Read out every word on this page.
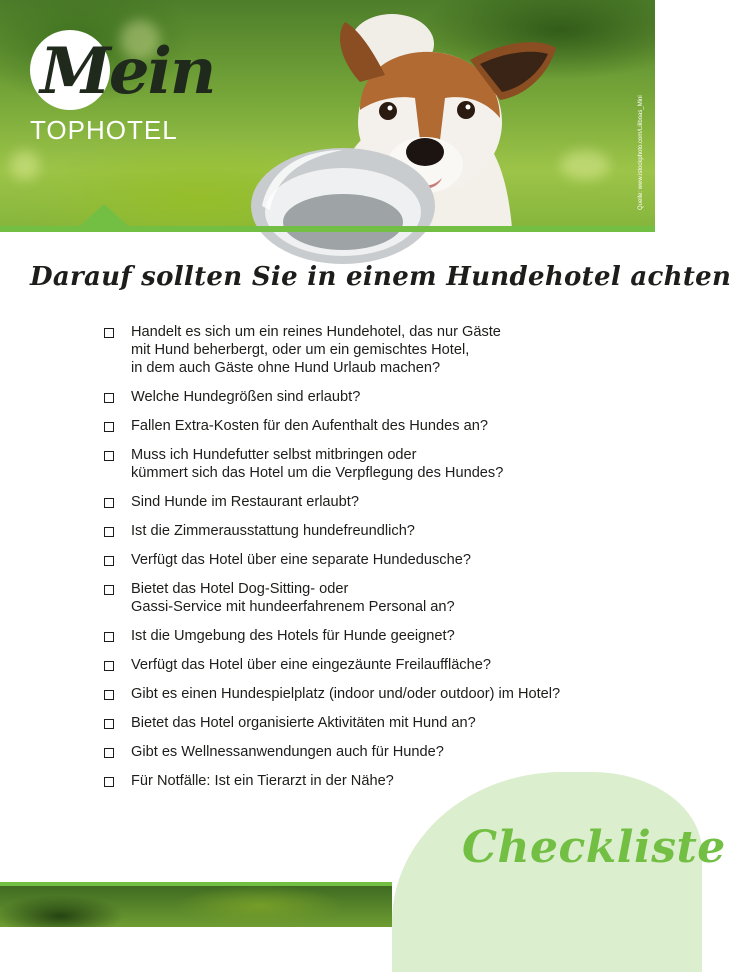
Mein
TOPHOTEL	Quelle: www.istockphoto.com/Liliboas_Mini
Darauf sollten Sie in einem Hundehotel achten
Handelt es sich um ein reines Hundehotel, das nur Gäste
mit Hund beherbergt, oder um ein gemischtes Hotel,
in dem auch Gäste ohne Hund Urlaub machen?
Welche Hundegrößen sind erlaubt?
Fallen Extra-Kosten für den Aufenthalt des Hundes an?
Muss ich Hundefutter selbst mitbringen oder
kümmert sich das Hotel um die Verpflegung des Hundes?
Sind Hunde im Restaurant erlaubt?
Ist die Zimmerausstattung hundefreundlich?
Verfügt das Hotel über eine separate Hundedusche?
Bietet das Hotel Dog-Sitting- oder
Gassi-Service mit hundeerfahrenem Personal an?
Ist die Umgebung des Hotels für Hunde geeignet?
Verfügt das Hotel über eine eingezäunte Freilauffläche?
Gibt es einen Hundespielplatz (indoor und/oder outdoor) im Hotel?
Bietet das Hotel organisierte Aktivitäten mit Hund an?
Gibt es Wellnessanwendungen auch für Hunde?
Für Notfälle: Ist ein Tierarzt in der Nähe?
Checkliste
